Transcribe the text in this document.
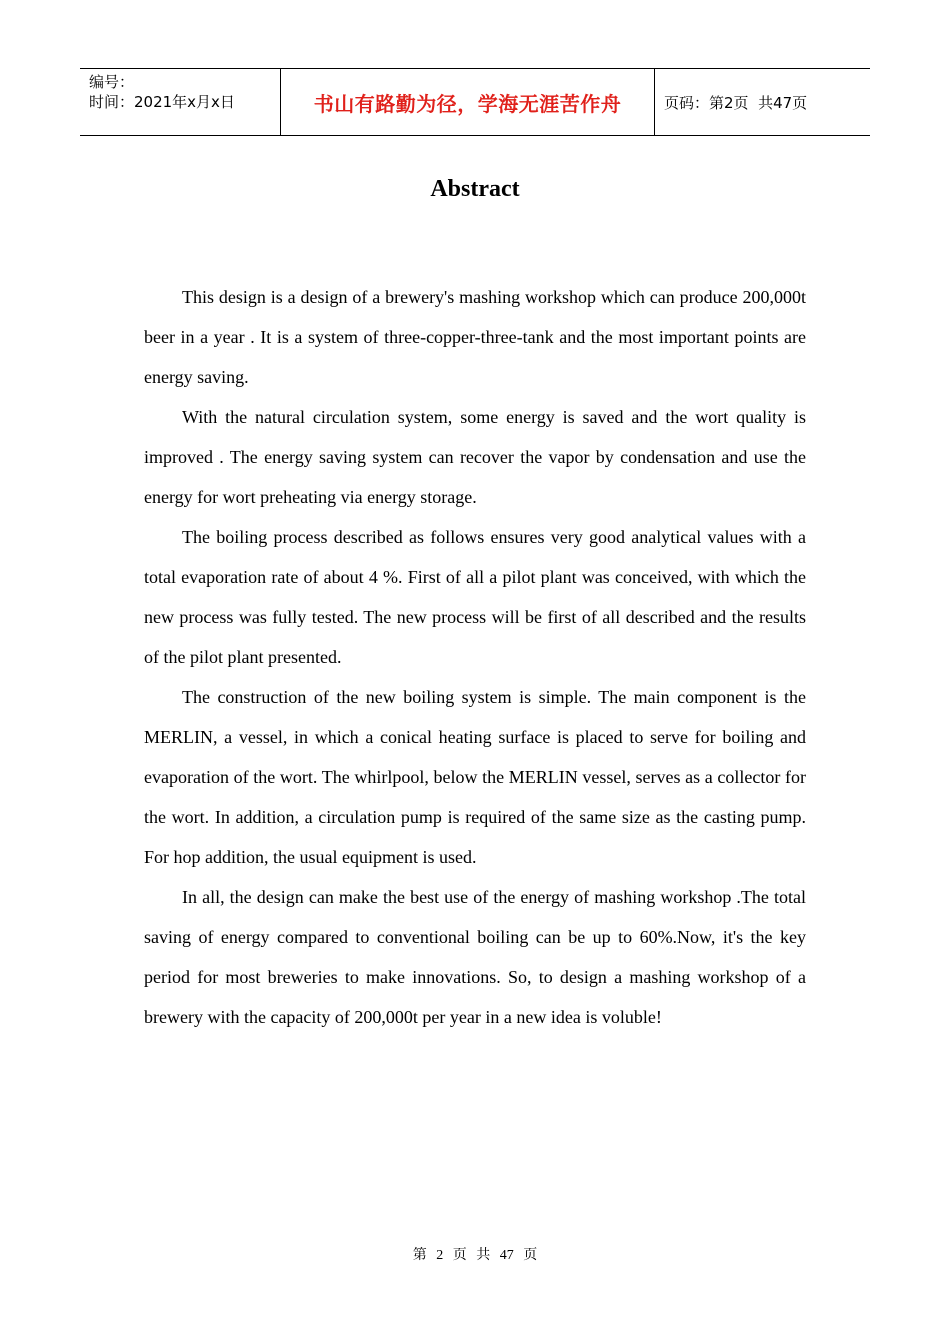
编号：
时间：2021年x月x日	书山有路勤为径，学海无涯苦作舟	页码：第2页  共47页
Abstract

This design is a design of a brewery's mashing workshop which can produce 200,000t beer in a year . It is a system of three-copper-three-tank and the most important points are energy saving.

With the natural circulation system, some energy is saved and the wort quality is improved . The energy saving system can recover the vapor by condensation and use the energy for wort preheating via energy storage.

The boiling process described as follows ensures very good analytical values with a total evaporation rate of about 4 %. First of all a pilot plant was conceived, with which the new process was fully tested. The new process will be first of all described and the results of the pilot plant presented.

The construction of the new boiling system is simple. The main component is the MERLIN, a vessel, in which a conical heating surface is placed to serve for boiling and evaporation of the wort. The whirlpool, below the MERLIN vessel, serves as a collector for the wort. In addition, a circulation pump is required of the same size as the casting pump. For hop addition, the usual equipment is used.

In all, the design can make the best use of the energy of mashing workshop .The total saving of energy compared to conventional boiling can be up to 60%.Now, it's the key period for most breweries to make innovations. So, to design a mashing workshop of a brewery with the capacity of 200,000t per year in a new idea is voluble!

第 2 页 共 47 页
